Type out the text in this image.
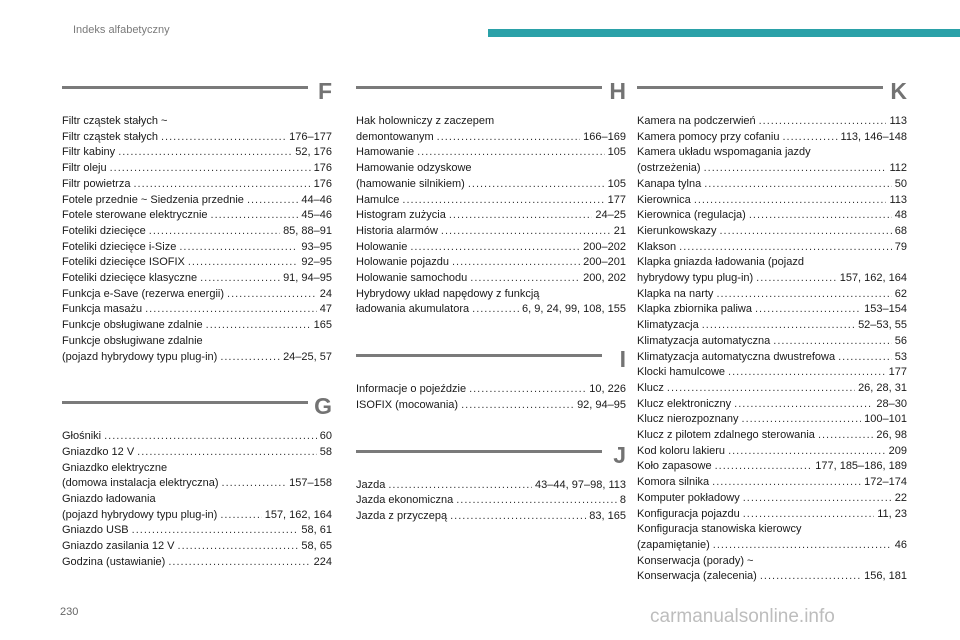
Indeks alfabetyczny
F
Filtr cząstek stałych ~
Filtr cząstek stałych .....	176–177
Filtr kabiny .....	52, 176
Filtr oleju .....	176
Filtr powietrza .....	176
Fotele przednie ~ Siedzenia przednie .....	44–46
Fotele sterowane elektrycznie .....	45–46
Foteliki dziecięce .....	85, 88–91
Foteliki dziecięce i-Size .....	93–95
Foteliki dziecięce ISOFIX .....	92–95
Foteliki dziecięce klasyczne .....	91, 94–95
Funkcja e-Save (rezerwa energii) .....	24
Funkcja masażu .....	47
Funkcje obsługiwane zdalnie .....	165
Funkcje obsługiwane zdalnie
(pojazd hybrydowy typu plug-in) .....	24–25, 57
G
Głośniki .....	60
Gniazdko 12 V .....	58
Gniazdko elektryczne
(domowa instalacja elektryczna) .....	157–158
Gniazdo ładowania
(pojazd hybrydowy typu plug-in) .....	157, 162, 164
Gniazdo USB .....	58, 61
Gniazdo zasilania 12 V .....	58, 65
Godzina (ustawianie) .....	224
H
Hak holowniczy z zaczepem
demontowanym .....	166–169
Hamowanie .....	105
Hamowanie odzyskowe
(hamowanie silnikiem) .....	105
Hamulce .....	177
Histogram zużycia .....	24–25
Historia alarmów .....	21
Holowanie .....	200–202
Holowanie pojazdu .....	200–201
Holowanie samochodu .....	200, 202
Hybrydowy układ napędowy z funkcją
ładowania akumulatora .....	6, 9, 24, 99, 108, 155
I
Informacje o pojeździe .....	10, 226
ISOFIX (mocowania) .....	92, 94–95
J
Jazda .....	43–44, 97–98, 113
Jazda ekonomiczna .....	8
Jazda z przyczepą .....	83, 165
K
Kamera na podczerwień .....	113
Kamera pomocy przy cofaniu .....	113, 146–148
Kamera układu wspomagania jazdy
(ostrzeżenia) .....	112
Kanapa tylna .....	50
Kierownica .....	113
Kierownica (regulacja) .....	48
Kierunkowskazy .....	68
Klakson .....	79
Klapka gniazda ładowania (pojazd
hybrydowy typu plug-in) .....	157, 162, 164
Klapka na narty .....	62
Klapka zbiornika paliwa .....	153–154
Klimatyzacja .....	52–53, 55
Klimatyzacja automatyczna .....	56
Klimatyzacja automatyczna dwustrefowa .....	53
Klocki hamulcowe .....	177
Klucz .....	26, 28, 31
Klucz elektroniczny .....	28–30
Klucz nierozpoznany .....	100–101
Klucz z pilotem zdalnego sterowania .....	26, 98
Kod koloru lakieru .....	209
Koło zapasowe .....	177, 185–186, 189
Komora silnika .....	172–174
Komputer pokładowy .....	22
Konfiguracja pojazdu .....	11, 23
Konfiguracja stanowiska kierowcy
(zapamiętanie) .....	46
Konserwacja (porady) ~
Konserwacja (zalecenia) .....	156, 181
230	carmanualsonline.info
